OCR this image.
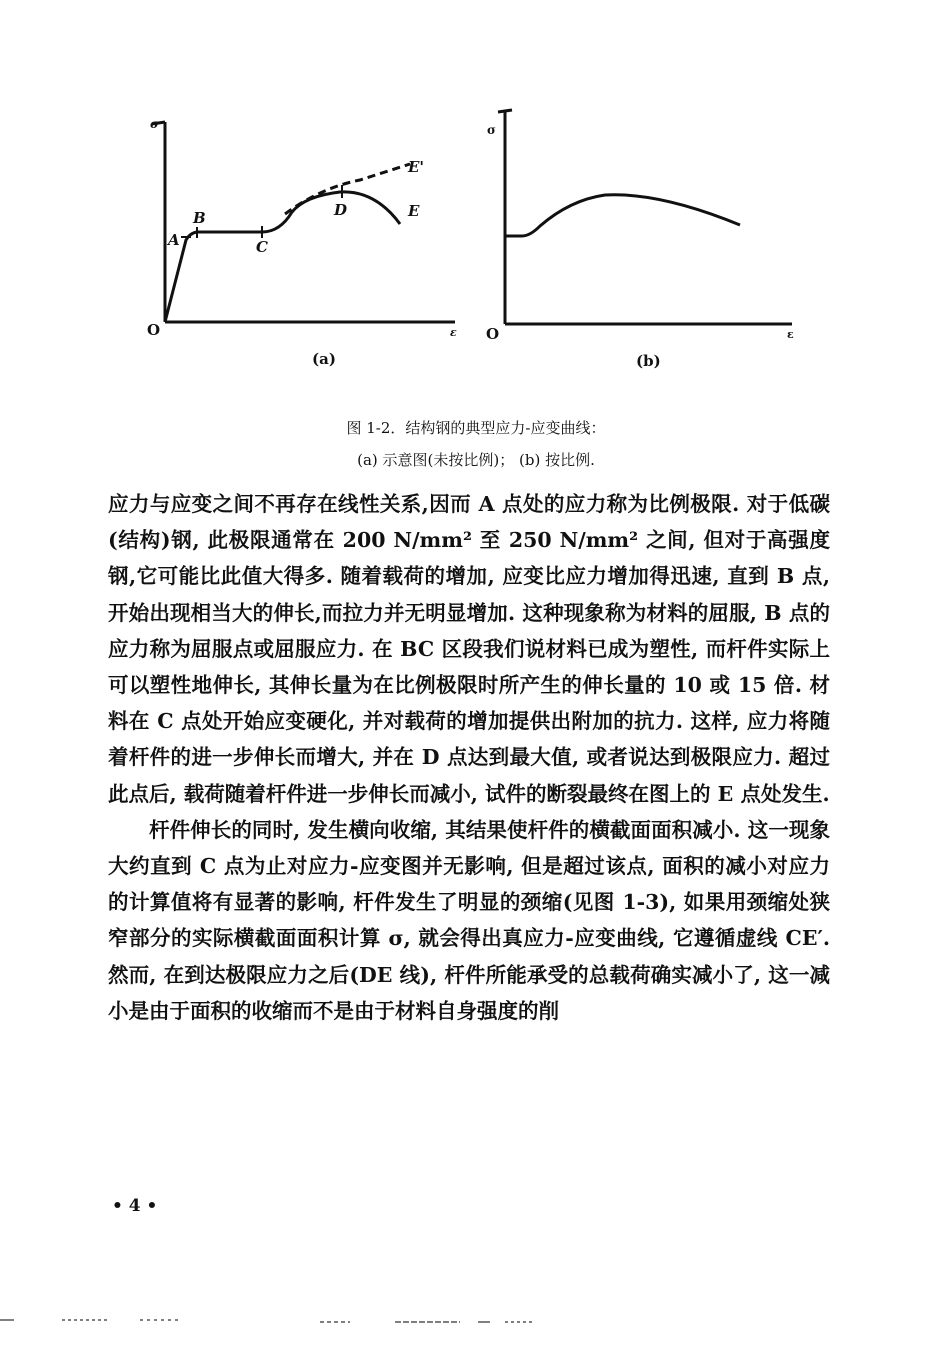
A
B
C
D	E
E'
O
σ
ε O
σ
ε
(a)	(b)
图 1-2．结构钢的典型应力-应变曲线：
(a) 示意图(未按比例)； (b) 按比例.

应力与应变之间不再存在线性关系,因而 A 点处的应力称为比例极限. 对于低碳(结构)钢, 此极限通常在 200 N/mm² 至 250 N/mm² 之间, 但对于高强度钢,它可能比此值大得多. 随着载荷的增加, 应变比应力增加得迅速, 直到 B 点, 开始出现相当大的伸长,而拉力并无明显增加. 这种现象称为材料的屈服, B 点的应力称为屈服点或屈服应力. 在 BC 区段我们说材料已成为塑性, 而杆件实际上可以塑性地伸长, 其伸长量为在比例极限时所产生的伸长量的 10 或 15 倍. 材料在 C 点处开始应变硬化, 并对载荷的增加提供出附加的抗力. 这样, 应力将随着杆件的进一步伸长而增大, 并在 D 点达到最大值, 或者说达到极限应力. 超过此点后, 载荷随着杆件进一步伸长而减小, 试件的断裂最终在图上的 E 点处发生.

杆件伸长的同时, 发生横向收缩, 其结果使杆件的横截面面积减小. 这一现象大约直到 C 点为止对应力-应变图并无影响, 但是超过该点, 面积的减小对应力的计算值将有显著的影响, 杆件发生了明显的颈缩(见图 1-3), 如果用颈缩处狭窄部分的实际横截面面积计算 σ, 就会得出真应力-应变曲线, 它遵循虚线 CE′. 然而, 在到达极限应力之后(DE 线), 杆件所能承受的总载荷确实减小了, 这一减小是由于面积的收缩而不是由于材料自身强度的削

• 4 •
